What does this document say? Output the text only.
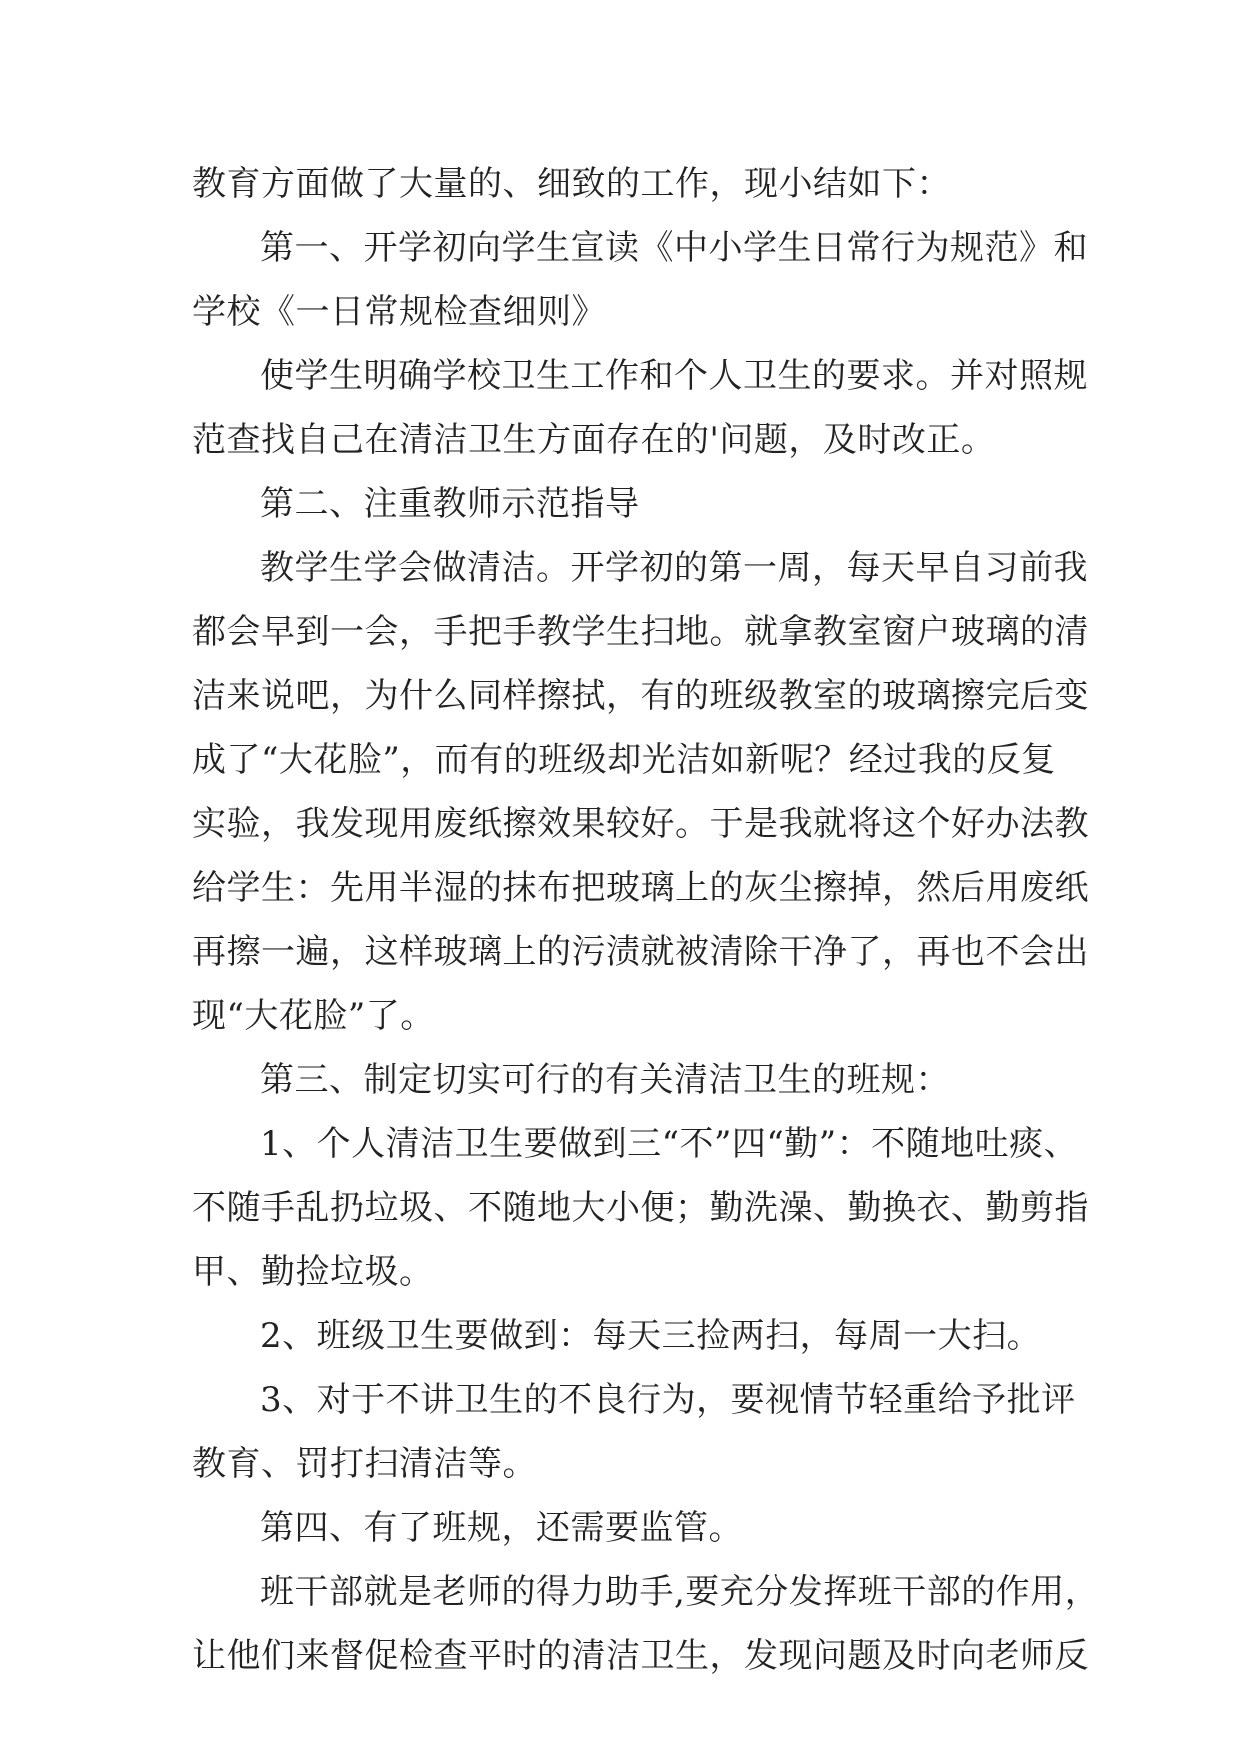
教育方面做了大量的、细致的工作，现小结如下：
第一、开学初向学生宣读《中小学生日常行为规范》和
学校《一日常规检查细则》
使学生明确学校卫生工作和个人卫生的要求。并对照规
范查找自己在清洁卫生方面存在的'问题，及时改正。
第二、注重教师示范指导
教学生学会做清洁。开学初的第一周，每天早自习前我
都会早到一会，手把手教学生扫地。就拿教室窗户玻璃的清
洁来说吧，为什么同样擦拭，有的班级教室的玻璃擦完后变
成了“大花脸”，而有的班级却光洁如新呢？经过我的反复
实验，我发现用废纸擦效果较好。于是我就将这个好办法教
给学生：先用半湿的抹布把玻璃上的灰尘擦掉，然后用废纸
再擦一遍，这样玻璃上的污渍就被清除干净了，再也不会出
现“大花脸”了。
第三、制定切实可行的有关清洁卫生的班规：
1、个人清洁卫生要做到三“不”四“勤”：不随地吐痰、
不随手乱扔垃圾、不随地大小便；勤洗澡、勤换衣、勤剪指
甲、勤捡垃圾。
2、班级卫生要做到：每天三捡两扫，每周一大扫。
3、对于不讲卫生的不良行为，要视情节轻重给予批评
教育、罚打扫清洁等。
第四、有了班规，还需要监管。
班干部就是老师的得力助手,要充分发挥班干部的作用，
让他们来督促检查平时的清洁卫生，发现问题及时向老师反
